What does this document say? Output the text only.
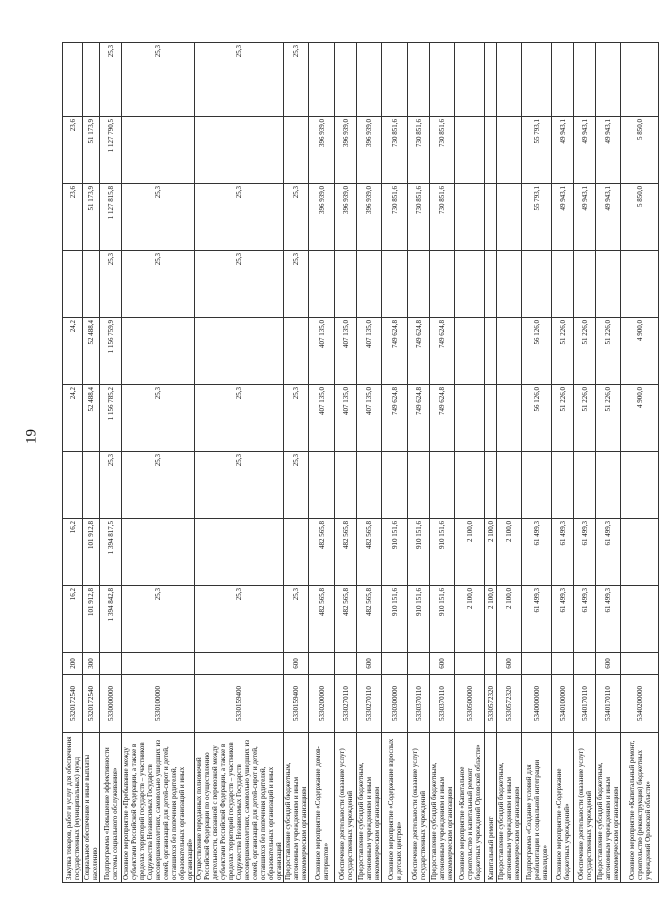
19
Закупка товаров, работ и услуг для обеспечения государственных (муниципальных) нужд	5320172540	200	16,2	16,2		24,2	24,2		23,6	23,6	
Социальное обеспечение и иные выплаты населению	5320172540	300	101 912,8	101 912,8		52 488,4	52 488,4		51 173,9	51 173,9	
Подпрограмма «Повышение эффективности системы социального обслуживания»	5330000000		1 394 842,8	1 394 817,5	25,3	1 156 785,2	1 156 759,9	25,3	1 127 815,8	1 127 790,5	25,3
Основное мероприятие «Пребывание между субъектами Российской Федерации, а также в пределах территорий государств – участников Содружества Независимых Государств несовершеннолетних, самовольно ушедших из семей, организаций для детей-сирот и детей, оставшихся без попечения родителей, образовательных организаций и иных организаций»	5330100000		25,3		25,3	25,3		25,3	25,3		25,3
Осуществление переданных полномочий Российской Федерации по осуществлению деятельности, связанной с перевозкой между субъектами Российской Федерации, а также в пределах территорий государств – участников Содружества Независимых Государств несовершеннолетних, самовольно ушедших из семей, организаций для детей-сирот и детей, оставшихся без попечения родителей, образовательных организаций и иных организаций	5330159400		25,3		25,3	25,3		25,3	25,3		25,3
Предоставление субсидий бюджетным, автономным учреждениям и иным некоммерческим организациям	5330159400	600	25,3		25,3	25,3		25,3	25,3		25,3
Основное мероприятие «Содержание домов-интернатов»	5330200000		482 565,8	482 565,8		407 135,0	407 135,0		396 939,0	396 939,0	
Обеспечение деятельности (оказание услуг) государственных учреждений	5330270110		482 565,8	482 565,8		407 135,0	407 135,0		396 939,0	396 939,0	
Предоставление субсидий бюджетным, автономным учреждениям и иным некоммерческим организациям	5330270110	600	482 565,8	482 565,8		407 135,0	407 135,0		396 939,0	396 939,0	
Основное мероприятие «Содержание взрослых и детских центров»	5330300000		910 151,6	910 151,6		749 624,8	749 624,8		730 851,6	730 851,6	
Обеспечение деятельности (оказание услуг) государственных учреждений	5330370110		910 151,6	910 151,6		749 624,8	749 624,8		730 851,6	730 851,6	
Предоставление субсидий бюджетным, автономным учреждениям и иным некоммерческим организациям	5330370110	600	910 151,6	910 151,6		749 624,8	749 624,8		730 851,6	730 851,6	
Основное мероприятие «Капитальное строительство и капитальный ремонт бюджетных учреждений Орловской области»	5330500000		2 100,0	2 100,0							
Капитальный ремонт	5330572320		2 100,0	2 100,0							
Предоставление субсидий бюджетным, автономным учреждениям и иным некоммерческим организациям	5330572320	600	2 100,0	2 100,0							
Подпрограмма «Создание условий для реабилитации и социальной интеграции инвалидов»	5340000000		61 499,3	61 499,3		56 126,0	56 126,0		55 793,1	55 793,1	
Основное мероприятие «Содержание бюджетных учреждений»	5340100000		61 499,3	61 499,3		51 226,0	51 226,0		49 943,1	49 943,1	
Обеспечение деятельности (оказание услуг) государственных учреждений	5340170110		61 499,3	61 499,3		51 226,0	51 226,0		49 943,1	49 943,1	
Предоставление субсидий бюджетным, автономным учреждениям и иным некоммерческим организациям	5340170110	600	61 499,3	61 499,3		51 226,0	51 226,0		49 943,1	49 943,1	
Основное мероприятие «Капитальный ремонт, строительство (реконструкция) бюджетных учреждений Орловской области»	5340200000					4 900,0	4 900,0		5 850,0	5 850,0	
